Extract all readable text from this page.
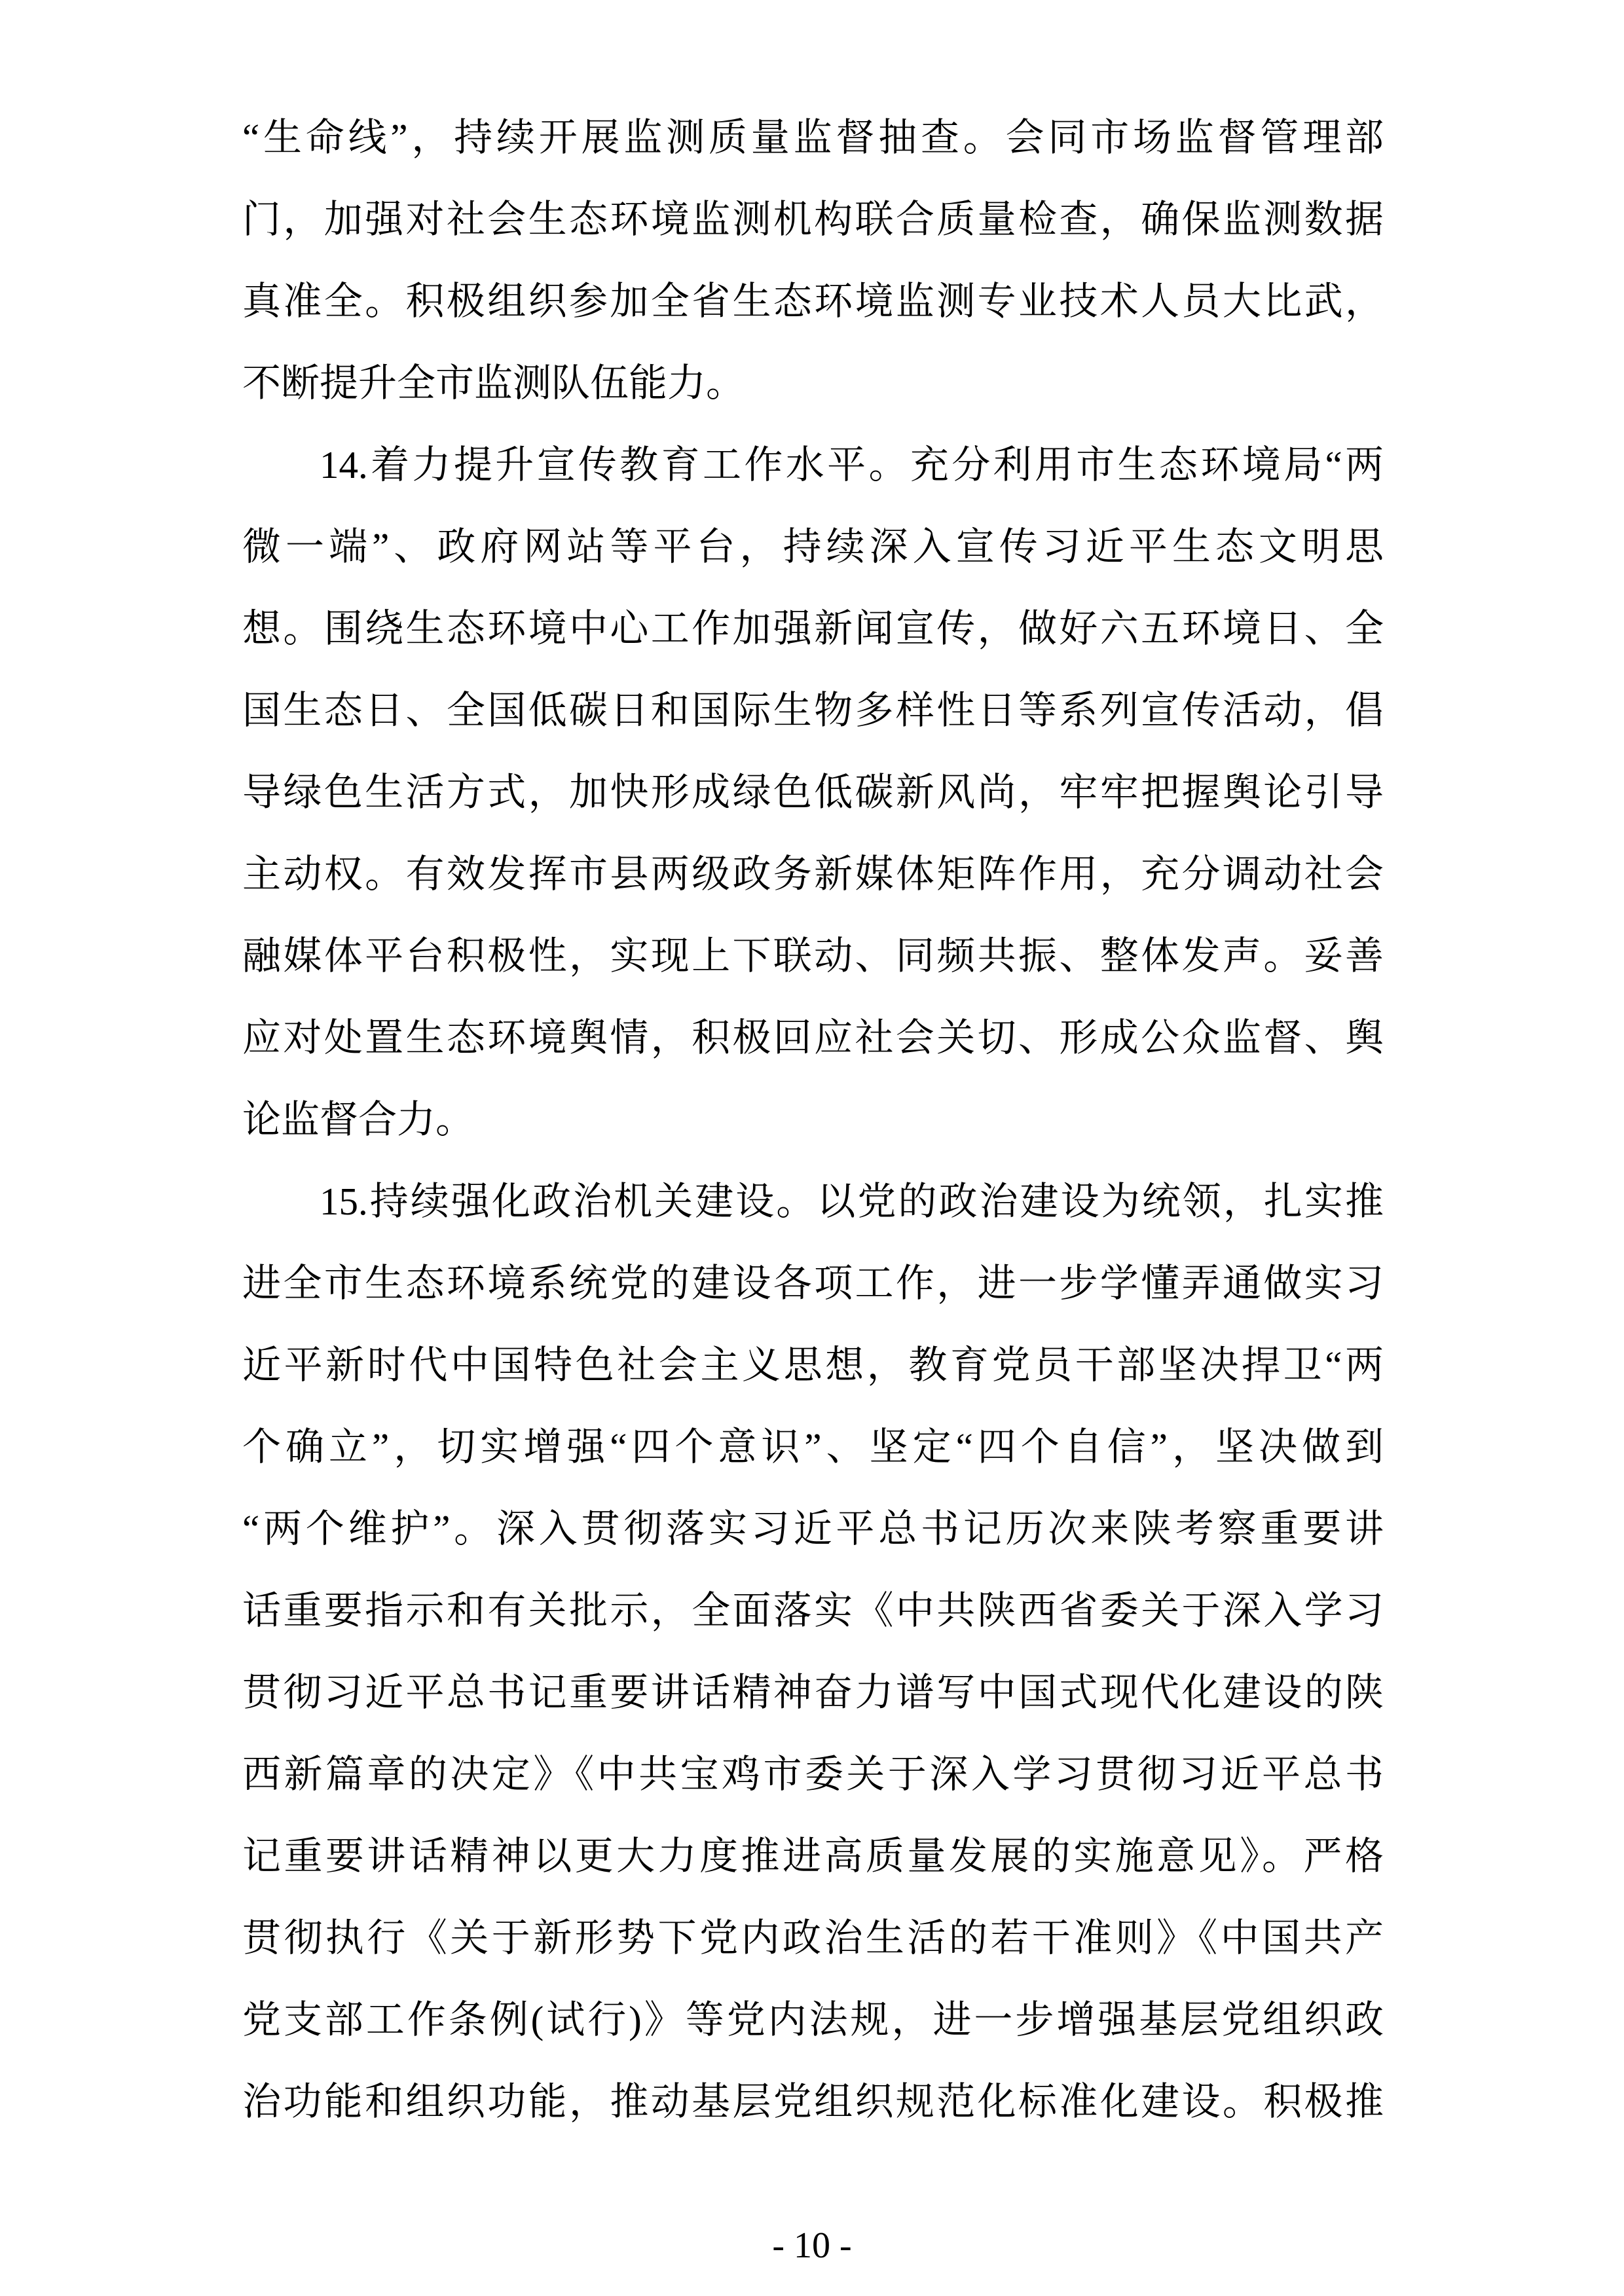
“生命线”，持续开展监测质量监督抽查。会同市场监督管理部
门，加强对社会生态环境监测机构联合质量检查，确保监测数据
真准全。积极组织参加全省生态环境监测专业技术人员大比武，
不断提升全市监测队伍能力。
14.着力提升宣传教育工作水平。充分利用市生态环境局“两
微一端”、政府网站等平台，持续深入宣传习近平生态文明思
想。围绕生态环境中心工作加强新闻宣传，做好六五环境日、全
国生态日、全国低碳日和国际生物多样性日等系列宣传活动，倡
导绿色生活方式，加快形成绿色低碳新风尚，牢牢把握舆论引导
主动权。有效发挥市县两级政务新媒体矩阵作用，充分调动社会
融媒体平台积极性，实现上下联动、同频共振、整体发声。妥善
应对处置生态环境舆情，积极回应社会关切、形成公众监督、舆
论监督合力。
15.持续强化政治机关建设。以党的政治建设为统领，扎实推
进全市生态环境系统党的建设各项工作，进一步学懂弄通做实习
近平新时代中国特色社会主义思想，教育党员干部坚决捍卫“两
个确立”，切实增强“四个意识”、坚定“四个自信”，坚决做到
“两个维护”。深入贯彻落实习近平总书记历次来陕考察重要讲
话重要指示和有关批示，全面落实《中共陕西省委关于深入学习
贯彻习近平总书记重要讲话精神奋力谱写中国式现代化建设的陕
西新篇章的决定》《中共宝鸡市委关于深入学习贯彻习近平总书
记重要讲话精神以更大力度推进高质量发展的实施意见》。严格
贯彻执行《关于新形势下党内政治生活的若干准则》《中国共产
党支部工作条例(试行)》等党内法规，进一步增强基层党组织政
治功能和组织功能，推动基层党组织规范化标准化建设。积极推
- 10 -
